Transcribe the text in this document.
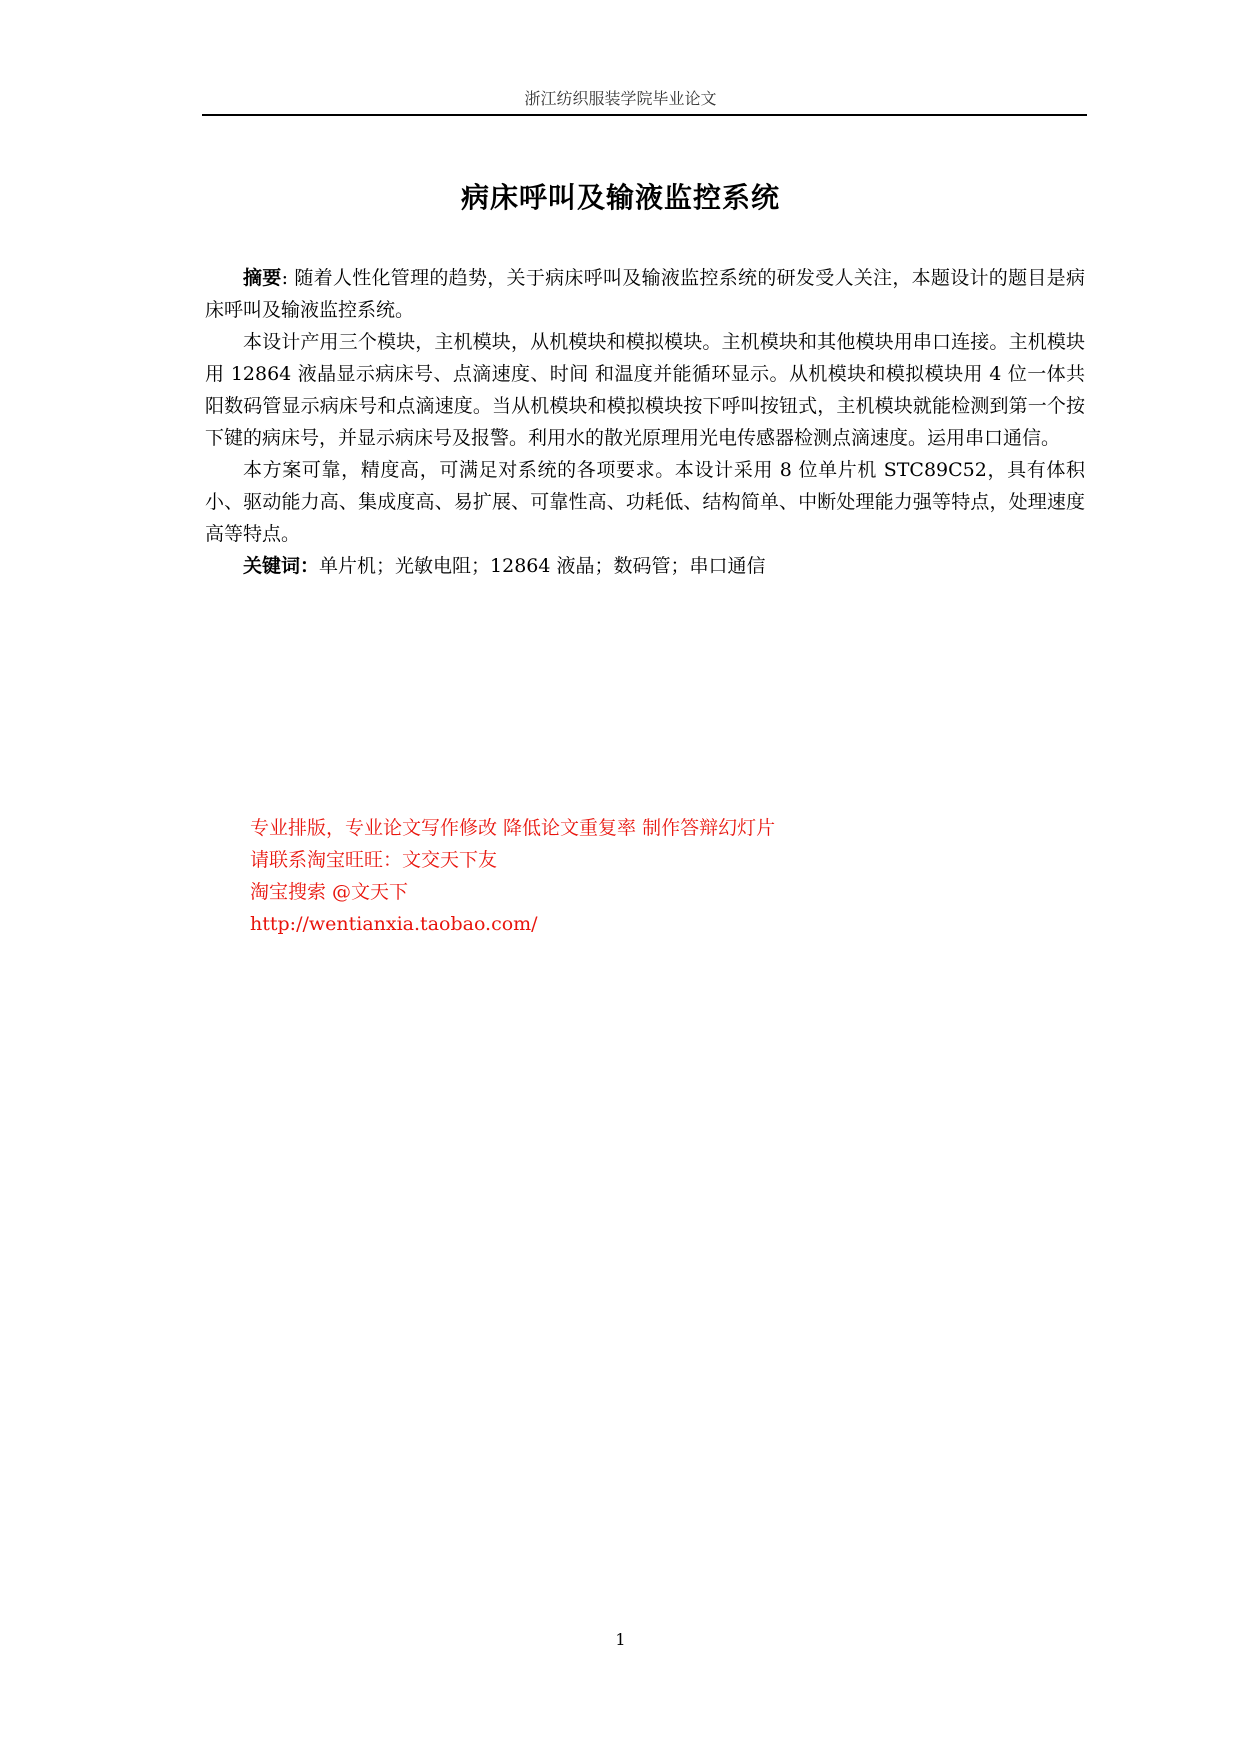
浙江纺织服装学院毕业论文
病床呼叫及输液监控系统

摘要: 随着人性化管理的趋势，关于病床呼叫及输液监控系统的研发受人关注，本题设计的题目是病床呼叫及输液监控系统。

本设计产用三个模块，主机模块，从机模块和模拟模块。主机模块和其他模块用串口连接。主机模块用 12864 液晶显示病床号、点滴速度、时间 和温度并能循环显示。从机模块和模拟模块用 4 位一体共阳数码管显示病床号和点滴速度。当从机模块和模拟模块按下呼叫按钮式，主机模块就能检测到第一个按下键的病床号，并显示病床号及报警。利用水的散光原理用光电传感器检测点滴速度。运用串口通信。

本方案可靠，精度高，可满足对系统的各项要求。本设计采用 8 位单片机 STC89C52，具有体积小、驱动能力高、集成度高、易扩展、可靠性高、功耗低、结构简单、中断处理能力强等特点，处理速度高等特点。

关键词：单片机；光敏电阻；12864 液晶；数码管；串口通信

专业排版，专业论文写作修改 降低论文重复率 制作答辩幻灯片
请联系淘宝旺旺：文交天下友
淘宝搜索 @文天下
http://wentianxia.taobao.com/
1
